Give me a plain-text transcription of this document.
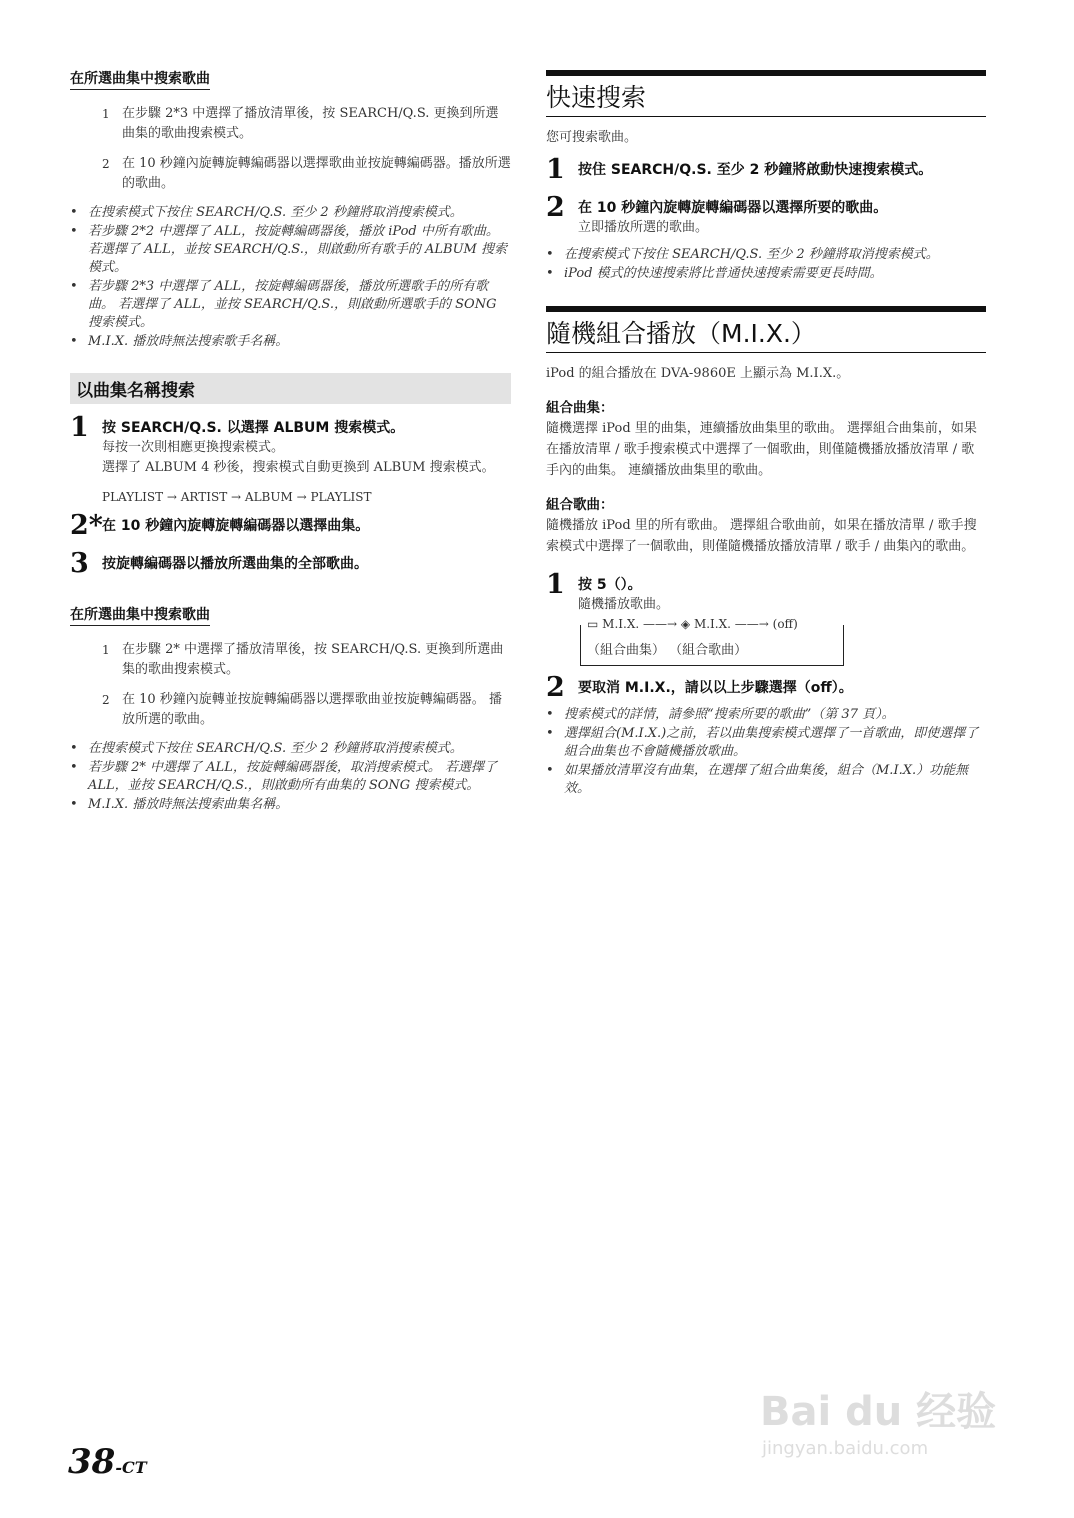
在所選曲集中搜索歌曲
1 在步驟 2*3 中選擇了播放清單後，按 SEARCH/Q.S. 更換到所選曲集的歌曲搜索模式。
2 在 10 秒鐘內旋轉旋轉編碼器以選擇歌曲並按旋轉編碼器。播放所選的歌曲。
• 在搜索模式下按住 SEARCH/Q.S. 至少 2 秒鐘將取消搜索模式。
• 若步驟 2*2 中選擇了 ALL，按旋轉編碼器後，播放 iPod 中所有歌曲。 若選擇了 ALL，並按 SEARCH/Q.S.，則啟動所有歌手的 ALBUM 搜索模式。
• 若步驟 2*3 中選擇了 ALL，按旋轉編碼器後，播放所選歌手的所有歌曲。 若選擇了 ALL，並按 SEARCH/Q.S.，則啟動所選歌手的 SONG 搜索模式。
• M.I.X. 播放時無法搜索歌手名稱。
以曲集名稱搜索
1 按 SEARCH/Q.S. 以選擇 ALBUM 搜索模式。
每按一次則相應更換搜索模式。
選擇了 ALBUM 4 秒後，搜索模式自動更換到 ALBUM 搜索模式。
PLAYLIST → ARTIST → ALBUM → PLAYLIST
2* 在 10 秒鐘內旋轉旋轉編碼器以選擇曲集。
3 按旋轉編碼器以播放所選曲集的全部歌曲。
在所選曲集中搜索歌曲
1 在步驟 2* 中選擇了播放清單後，按 SEARCH/Q.S. 更換到所選曲集的歌曲搜索模式。
2 在 10 秒鐘內旋轉並按旋轉編碼器以選擇歌曲並按旋轉編碼器。 播放所選的歌曲。
• 在搜索模式下按住 SEARCH/Q.S. 至少 2 秒鐘將取消搜索模式。
• 若步驟 2* 中選擇了 ALL，按旋轉編碼器後，取消搜索模式。 若選擇了 ALL，並按 SEARCH/Q.S.，則啟動所有曲集的 SONG 搜索模式。
• M.I.X. 播放時無法搜索曲集名稱。
快速搜索
您可搜索歌曲。
1 按住 SEARCH/Q.S. 至少 2 秒鐘將啟動快速搜索模式。
2 在 10 秒鐘內旋轉旋轉編碼器以選擇所要的歌曲。
立即播放所選的歌曲。
• 在搜索模式下按住 SEARCH/Q.S. 至少 2 秒鐘將取消搜索模式。
• iPod 模式的快速搜索將比普通快速搜索需要更長時間。
隨機組合播放（M.I.X.）
iPod 的組合播放在 DVA-9860E 上顯示為 M.I.X.。
組合曲集：
隨機選擇 iPod 里的曲集，連續播放曲集里的歌曲。 選擇組合曲集前，如果在播放清單 / 歌手搜索模式中選擇了一個歌曲，則僅隨機播放播放清單 / 歌手內的曲集。 連續播放曲集里的歌曲。
組合歌曲：
隨機播放 iPod 里的所有歌曲。 選擇組合歌曲前，如果在播放清單 / 歌手搜索模式中選擇了一個歌曲，則僅隨機播放播放清單 / 歌手 / 曲集內的歌曲。
1 按 5（）。
隨機播放歌曲。
▭ M.I.X. ——→ ◈ M.I.X. ——→ (off)
（組合曲集） （組合歌曲）
2 要取消 M.I.X.，請以以上步驟選擇（off）。
• 搜索模式的詳情，請參照“搜索所要的歌曲”（第 37 頁）。
• 選擇組合(M.I.X.)之前，若以曲集搜索模式選擇了一首歌曲，即使選擇了組合曲集也不會隨機播放歌曲。
• 如果播放清單沒有曲集，在選擇了組合曲集後，組合（M.I.X.）功能無效。
38-CT
Bai du 经验
jingyan.baidu.com
